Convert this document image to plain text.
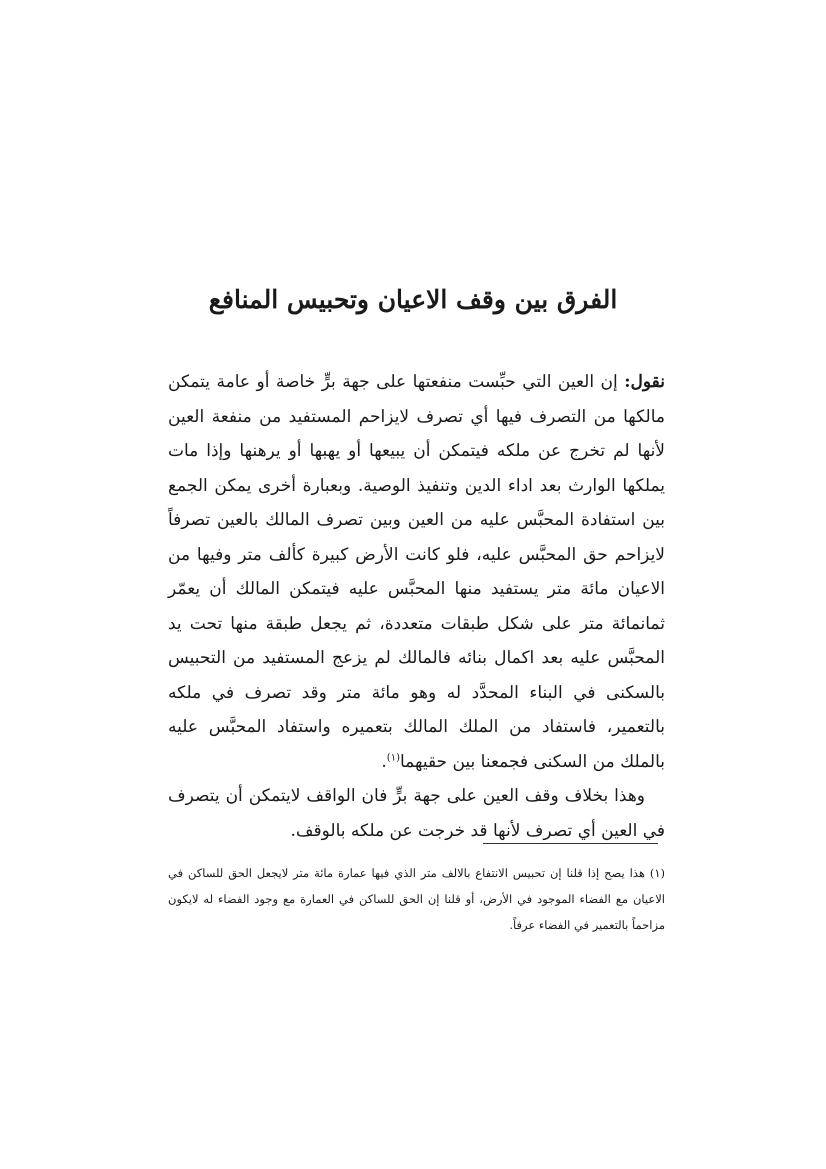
الفرق بين وقف الاعيان وتحبيس المنافع

نقول: إن العين التي حبِّست منفعتها على جهة برٍّ خاصة أو عامة يتمكن مالكها من التصرف فيها أي تصرف لايزاحم المستفيد من منفعة العين لأنها لم تخرج عن ملكه فيتمكن أن يبيعها أو يهبها أو يرهنها وإذا مات يملكها الوارث بعد اداء الدين وتنفيذ الوصية. وبعبارة أخرى يمكن الجمع بين استفادة المحبَّس عليه من العين وبين تصرف المالك بالعين تصرفاً لايزاحم حق المحبَّس عليه، فلو كانت الأرض كبيرة كألف متر وفيها من الاعيان مائة متر يستفيد منها المحبَّس عليه فيتمكن المالك أن يعمّر ثمانمائة متر على شكل طبقات متعددة، ثم يجعل طبقة منها تحت يد المحبَّس عليه بعد اكمال بنائه فالمالك لم يزعج المستفيد من التحبيس بالسكنى في البناء المحدَّد له وهو مائة متر وقد تصرف في ملكه بالتعمير، فاستفاد من الملك المالك بتعميره واستفاد المحبَّس عليه بالملك من السكنى فجمعنا بين حقيهما$^{(١)}$.

وهذا بخلاف وقف العين على جهة برٍّ فان الواقف لايتمكن أن يتصرف في العين أي تصرف لأنها قد خرجت عن ملكه بالوقف.

(١) هذا يصح إذا قلنا إن تحبيس الانتفاع بالالف متر الذي فيها عمارة مائة متر لايجعل الحق للساكن في الاعيان مع الفضاء الموجود في الأرض، أو قلنا إن الحق للساكن في العمارة مع وجود الفضاء له لايكون مزاحماً بالتعمير في الفضاء عرفاً.
